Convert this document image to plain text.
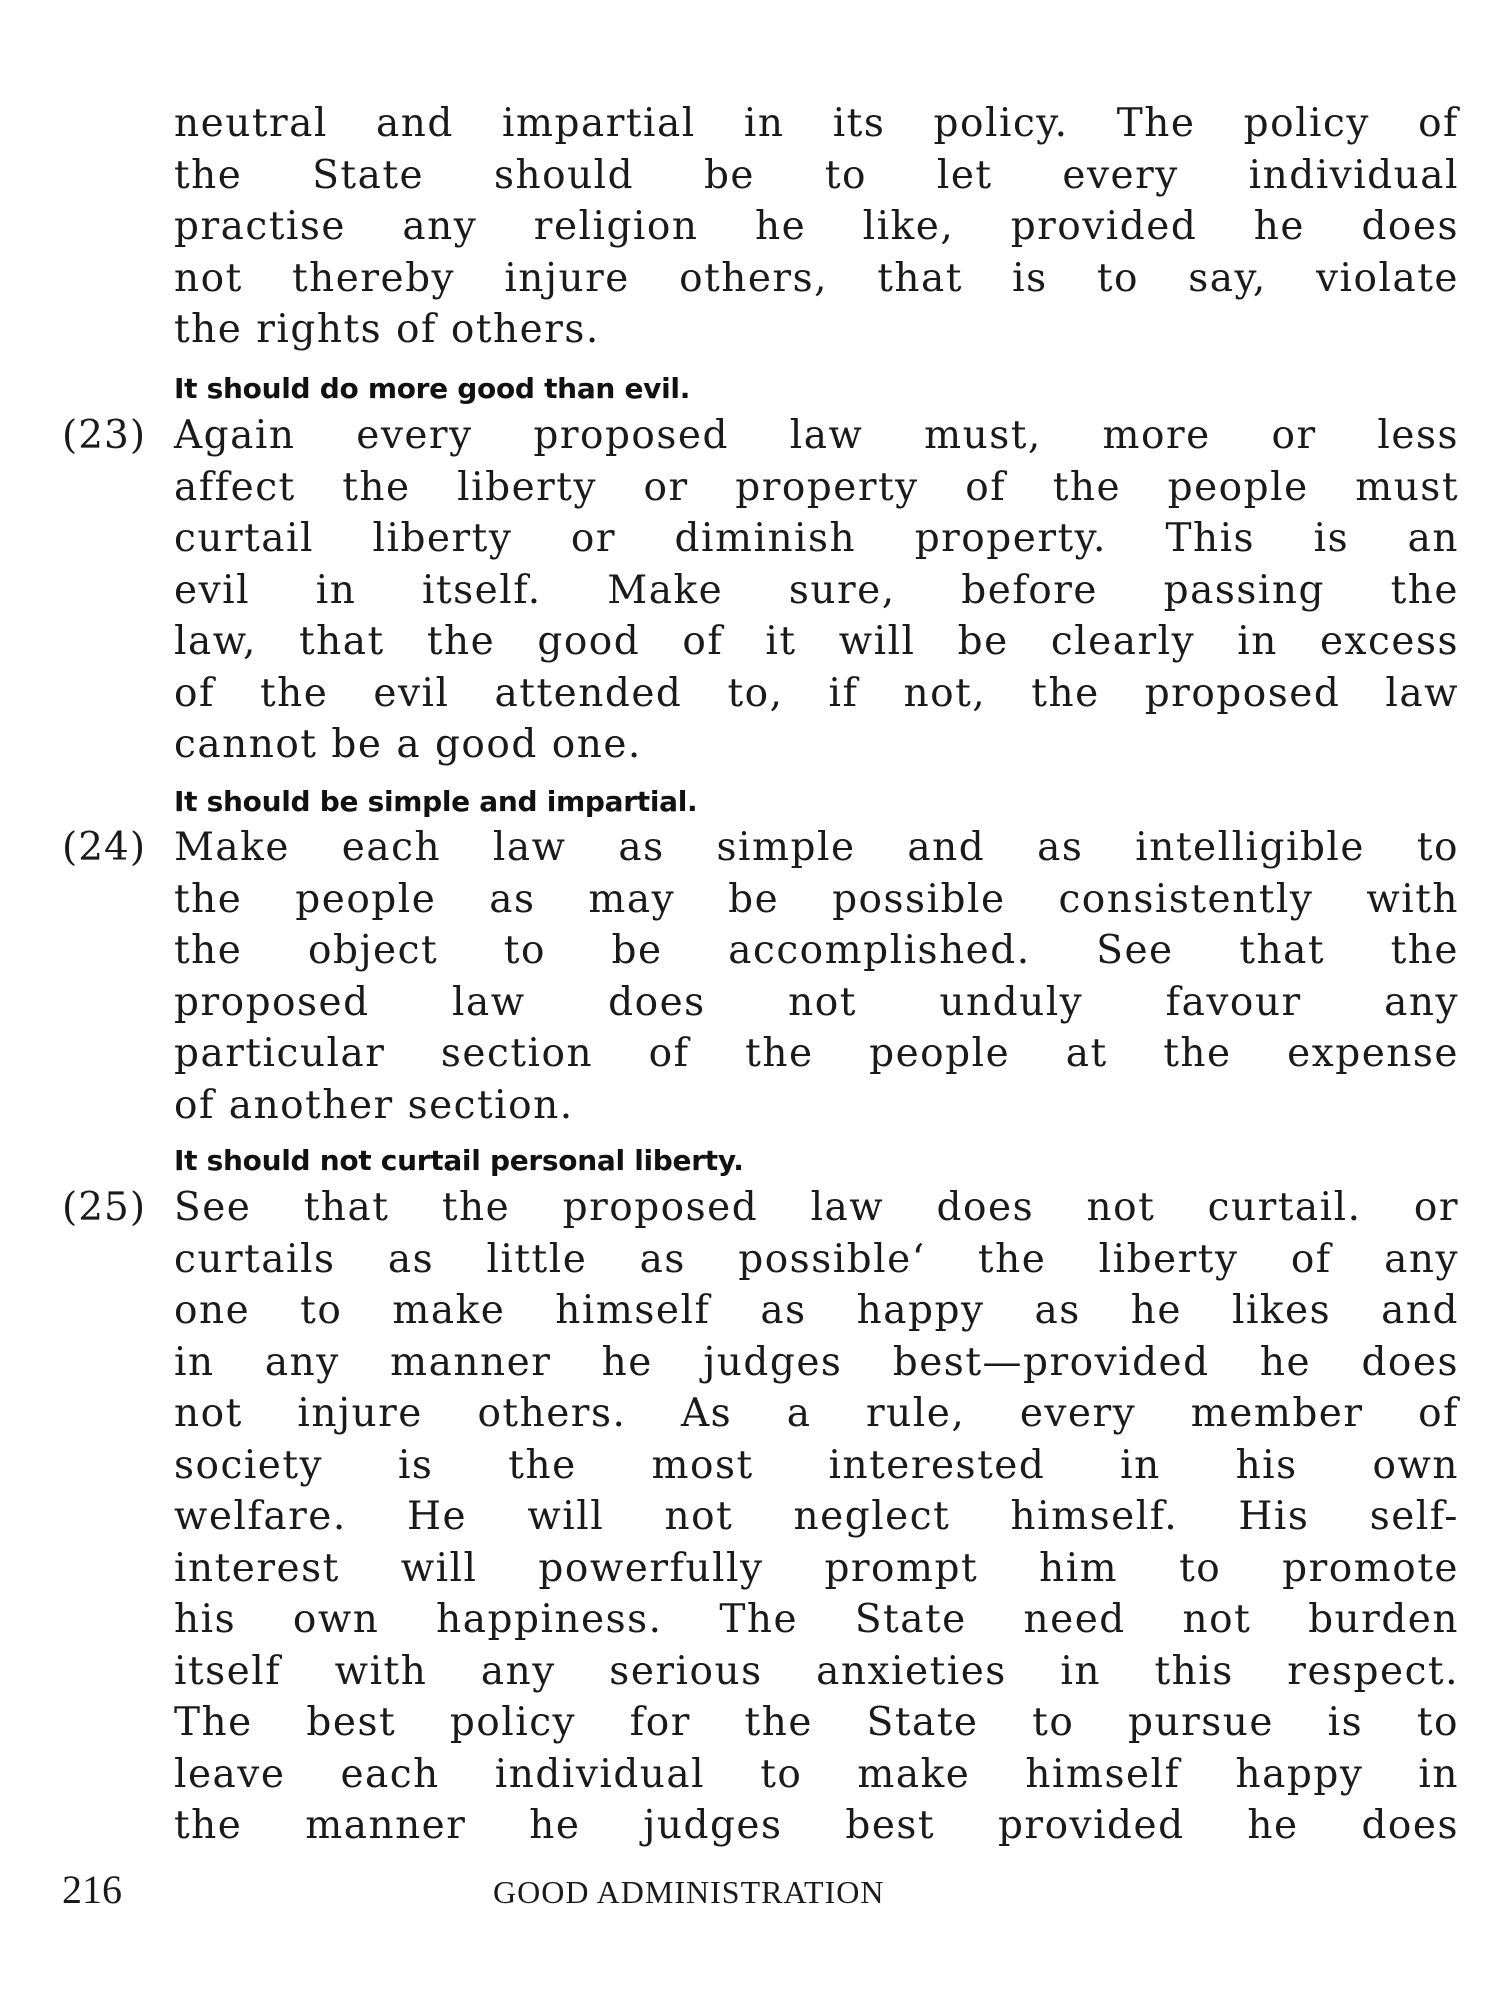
neutral and impartial in its policy. The policy of
the State should be to let every individual
practise any religion he like, provided he does
not thereby injure others, that is to say, violate
the rights of others.
It should do more good than evil.
(23) Again every proposed law must, more or less
affect the liberty or property of the people must
curtail liberty or diminish property. This is an
evil in itself. Make sure, before passing the
law, that the good of it will be clearly in excess
of the evil attended to, if not, the proposed law
cannot be a good one.
It should be simple and impartial.
(24) Make each law as simple and as intelligible to
the people as may be possible consistently with
the object to be accomplished. See that the
proposed law does not unduly favour any
particular section of the people at the expense
of another section.
It should not curtail personal liberty.
(25) See that the proposed law does not curtail. or
curtails as little as possible‘ the liberty of any
one to make himself as happy as he likes and
in any manner he judges best—provided he does
not injure others. As a rule, every member of
society is the most interested in his own
welfare. He will not neglect himself. His self-
interest will powerfully prompt him to promote
his own happiness. The State need not burden
itself with any serious anxieties in this respect.
The best policy for the State to pursue is to
leave each individual to make himself happy in
the manner he judges best provided he does
216	GOOD ADMINISTRATION
